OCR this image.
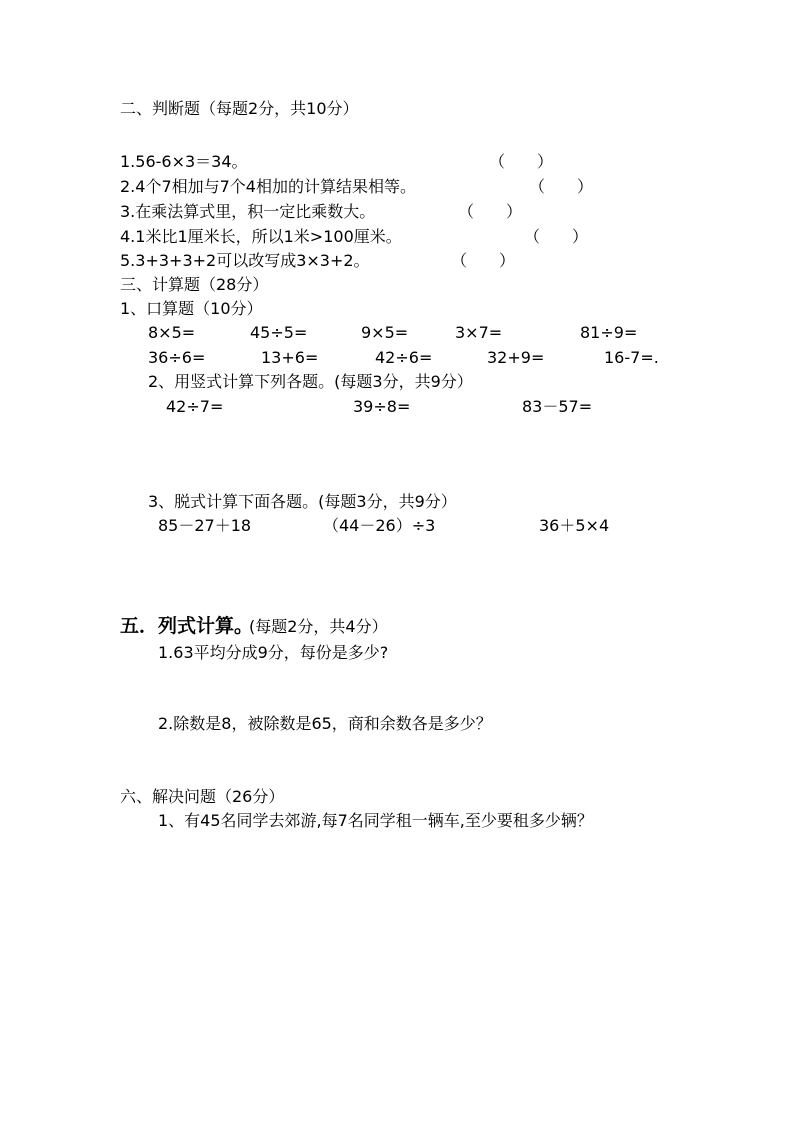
二、判断题（每题2分，共10分）
1.56-6×3＝34。	（　　）
2.4个7相加与7个4相加的计算结果相等。	（　　）
3.在乘法算式里，积一定比乘数大。	（　　）
4.1米比1厘米长，所以1米>100厘米。	（　　）
5.3+3+3+2可以改写成3×3+2。	（　　）
三、计算题（28分）
1、口算题（10分）
8×5=	45÷5=	9×5=	3×7=	81÷9=
36÷6=	13+6=	42÷6=	32+9=	16-7=.
2、用竖式计算下列各题。(每题3分，共9分）
42÷7=	39÷8=	83－57=
3、脱式计算下面各题。(每题3分，共9分）
85－27＋18	（44－26）÷3	36＋5×4
五．列式计算。
(每题2分，共4分）
1.63平均分成9分，每份是多少?
2.除数是8，被除数是65，商和余数各是多少？
六、解决问题（26分）
1、有45名同学去郊游,每7名同学租一辆车,至少要租多少辆？
